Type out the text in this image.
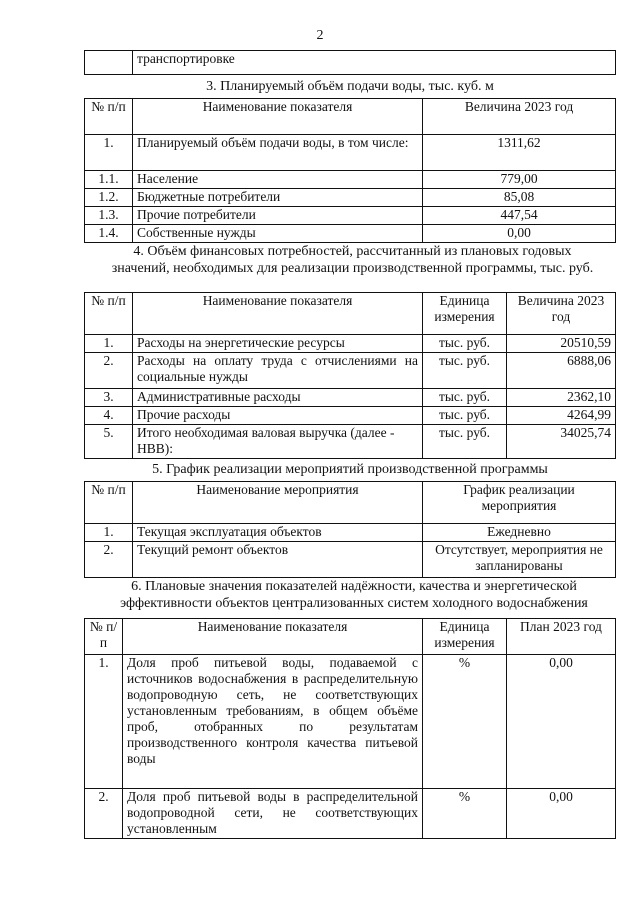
2
	транспортировке
3. Планируемый объём подачи воды, тыс. куб. м
№ п/п	Наименование показателя	Величина 2023 год
1.	Планируемый объём подачи воды, в том числе:	1311,62
1.1.	Население	779,00
1.2.	Бюджетные потребители	85,08
1.3.	Прочие потребители	447,54
1.4.	Собственные нужды	0,00
4. Объём финансовых потребностей, рассчитанный из плановых годовых значений, необходимых для реализации производственной программы, тыс. руб.
№ п/п	Наименование показателя	Единица измерения	Величина 2023 год
1.	Расходы на энергетические ресурсы	тыс. руб.	20510,59
2.	Расходы на оплату труда с отчислениями на социальные нужды	тыс. руб.	6888,06
3.	Административные расходы	тыс. руб.	2362,10
4.	Прочие расходы	тыс. руб.	4264,99
5.	Итого необходимая валовая выручка (далее - НВВ):	тыс. руб.	34025,74
5. График реализации мероприятий производственной программы
№ п/п	Наименование мероприятия	График реализации мероприятия
1.	Текущая эксплуатация объектов	Ежедневно
2.	Текущий ремонт объектов	Отсутствует, мероприятия не запланированы
6. Плановые значения показателей надёжности, качества и энергетической эффективности объектов централизованных систем холодного водоснабжения
№ п/п	Наименование показателя	Единица измерения	План 2023 год
1.	Доля проб питьевой воды, подаваемой с источников водоснабжения в распределительную водопроводную сеть, не соответствующих установленным требованиям, в общем объёме проб, отобранных по результатам производственного контроля качества питьевой воды	%	0,00
2.	Доля проб питьевой воды в распределительной водопроводной сети, не соответствующих установленным	%	0,00
